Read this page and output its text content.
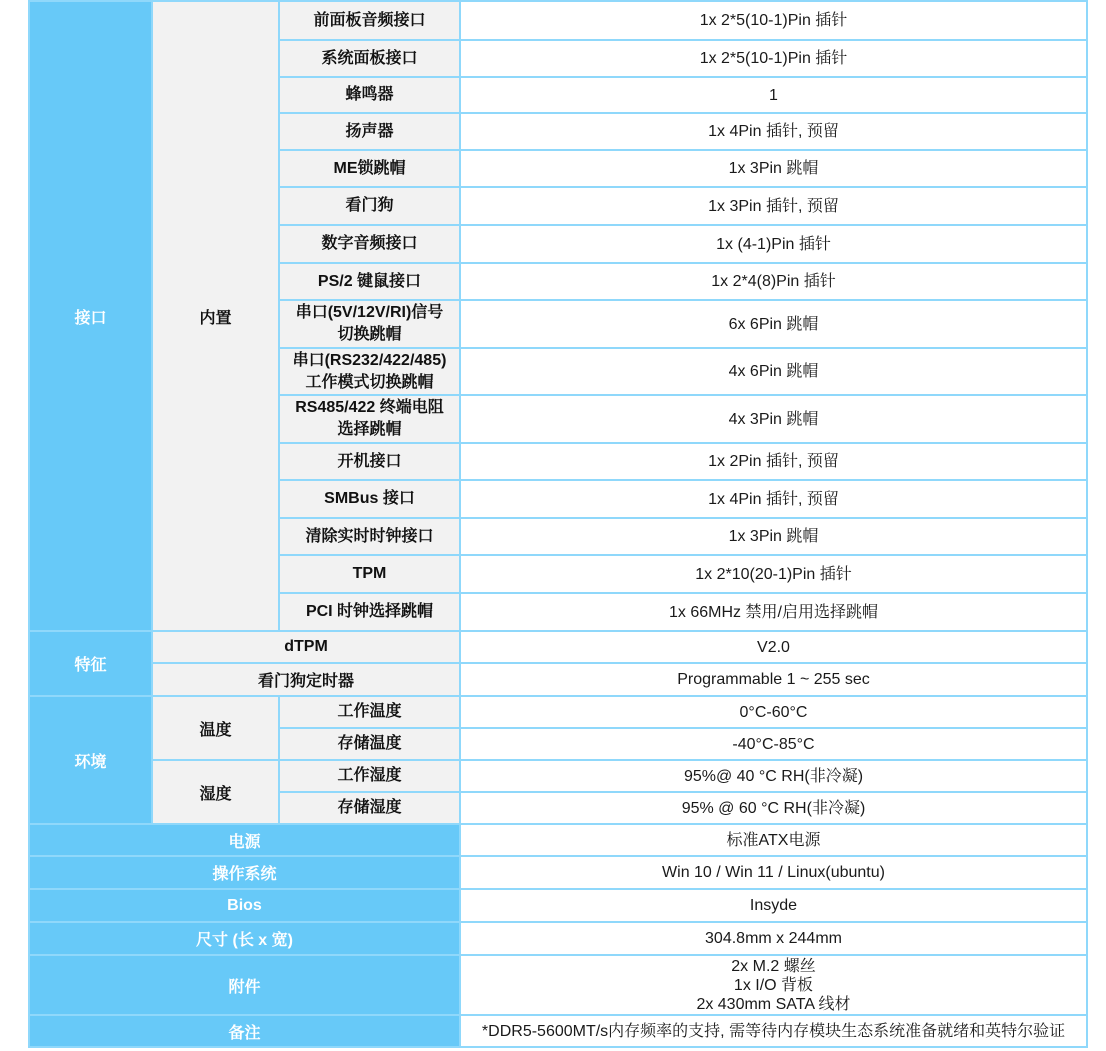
接口	内置	前面板音频接口	1x 2*5(10-1)Pin 插针

		系统面板接口	1x 2*5(10-1)Pin 插针

		蜂鸣器	1

		扬声器	1x 4Pin 插针, 预留

		ME锁跳帽	1x 3Pin 跳帽

		看门狗	1x 3Pin 插针, 预留

		数字音频接口	1x (4-1)Pin 插针

		PS/2 键鼠接口	1x 2*4(8)Pin 插针

		串口(5V/12V/RI)信号
切换跳帽	6x 6Pin 跳帽

		串口(RS232/422/485)
工作模式切换跳帽	4x 6Pin 跳帽

		RS485/422 终端电阻
选择跳帽	4x 3Pin 跳帽

		开机接口	1x 2Pin 插针, 预留

		SMBus 接口	1x 4Pin 插针, 预留

		清除实时时钟接口	1x 3Pin 跳帽

		TPM	1x 2*10(20-1)Pin 插针

		PCI 时钟选择跳帽	1x 66MHz 禁用/启用选择跳帽

特征	dTPM		V2.0
	看门狗定时器		Programmable 1 ~ 255 sec
环境	温度	工作温度	0°C-60°C
		存储温度	-40°C-85°C
	湿度	工作湿度	95%@ 40 °C RH(非冷凝)
		存储湿度	95% @ 60 °C RH(非冷凝)
电源			标准ATX电源
操作系统			Win 10 / Win 11 / Linux(ubuntu)
Bios			Insyde
尺寸 (长 x 宽)			304.8mm x 244mm
附件			2x M.2 螺丝
1x I/O 背板
2x 430mm SATA 线材

备注			*DDR5-5600MT/s内存频率的支持, 需等待内存模块生态系统准备就绪和英特尔验证
